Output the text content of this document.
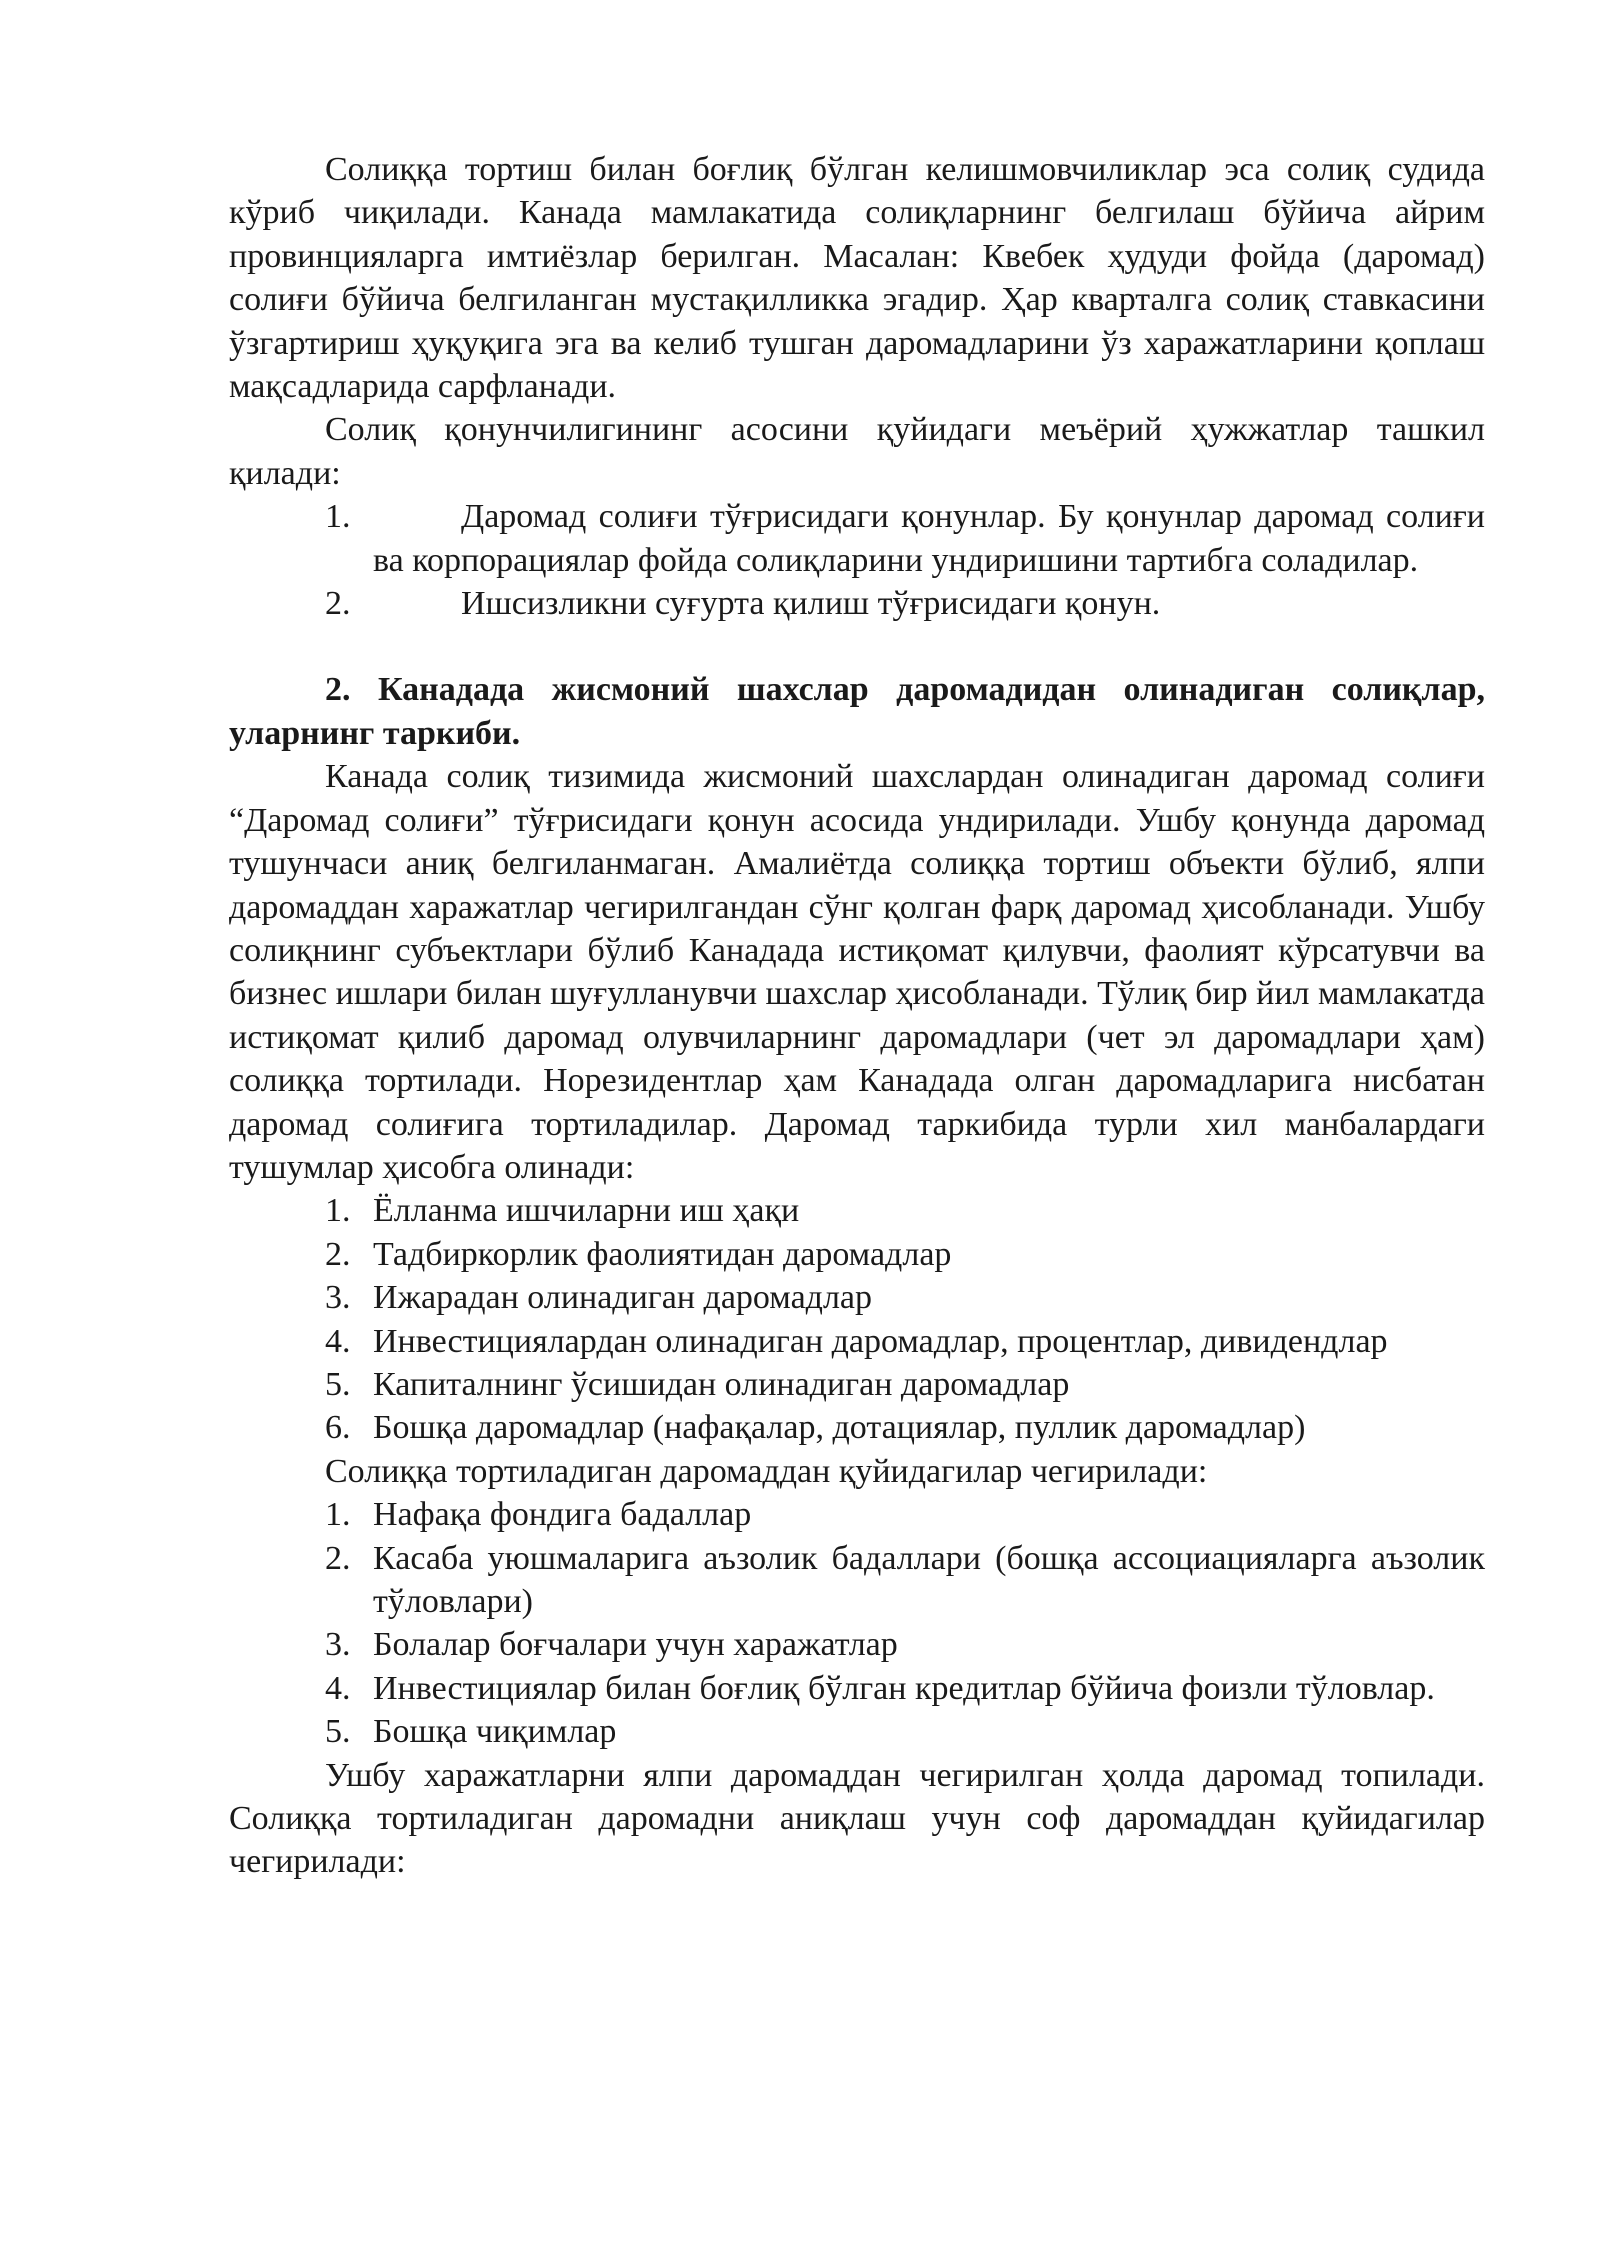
Солиққа тортиш билан боғлиқ бўлган келишмовчиликлар эса солиқ судида кўриб чиқилади. Канада мамлакатида солиқларнинг белгилаш бўйича айрим провинцияларга имтиёзлар берилган. Масалан: Квебек ҳудуди фойда (даромад) солиғи бўйича белгиланган мустақилликка эгадир. Ҳар кварталга солиқ ставкасини ўзгартириш ҳуқуқига эга ва келиб тушган даромадларини ўз харажатларини қоплаш мақсадларида сарфланади.

Солиқ қонунчилигининг асосини қуйидаги меъёрий ҳужжатлар ташкил қилади:

1.	Даромад солиғи тўғрисидаги қонунлар. Бу қонунлар даромад солиғи ва корпорациялар фойда солиқларини ундиришини тартибга соладилар.
2.	Ишсизликни суғурта қилиш тўғрисидаги қонун.

2. Канадада жисмоний шахслар даромадидан олинадиган солиқлар, уларнинг таркиби.

Канада солиқ тизимида жисмоний шахслардан олинадиган даромад солиғи “Даромад солиғи” тўғрисидаги қонун асосида ундирилади. Ушбу қонунда даромад тушунчаси аниқ белгиланмаган. Амалиётда солиққа тортиш объекти бўлиб, ялпи даромаддан харажатлар чегирилгандан сўнг қолган фарқ даромад ҳисобланади. Ушбу солиқнинг субъектлари бўлиб Канадада истиқомат қилувчи, фаолият кўрсатувчи ва бизнес ишлари билан шуғулланувчи шахслар ҳисобланади. Тўлиқ бир йил мамлакатда истиқомат қилиб даромад олувчиларнинг даромадлари (чет эл даромадлари ҳам) солиққа тортилади. Норезидентлар ҳам Канадада олган даромадларига нисбатан даромад солиғига тортиладилар. Даромад таркибида турли хил манбалардаги тушумлар ҳисобга олинади:

1. Ёлланма ишчиларни иш ҳақи
2. Тадбиркорлик фаолиятидан даромадлар
3. Ижарадан олинадиган даромадлар
4. Инвестициялардан олинадиган даромадлар, процентлар, дивидендлар
5. Капиталнинг ўсишидан олинадиган даромадлар
6. Бошқа даромадлар (нафақалар, дотациялар, пуллик даромадлар)

Солиққа тортиладиган даромаддан қуйидагилар чегирилади:

1. Нафақа фондига бадаллар
2. Касаба уюшмаларига аъзолик бадаллари (бошқа ассоциацияларга аъзолик тўловлари)
3. Болалар боғчалари учун харажатлар
4. Инвестициялар билан боғлиқ бўлган кредитлар бўйича фоизли тўловлар.
5. Бошқа чиқимлар

Ушбу харажатларни ялпи даромаддан чегирилган ҳолда даромад топилади. Солиққа тортиладиган даромадни аниқлаш учун соф даромаддан қуйидагилар чегирилади:
